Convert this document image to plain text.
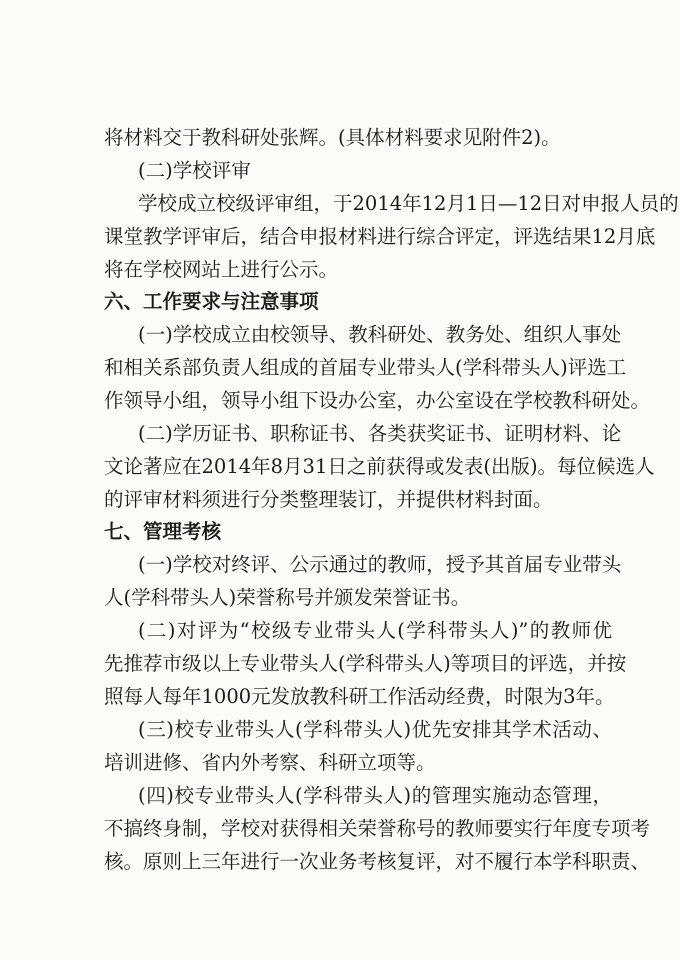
将材料交于教科研处张辉。(具体材料要求见附件2)。
(二)学校评审
学校成立校级评审组，于2014年12月1日—12日对申报人员的
课堂教学评审后，结合申报材料进行综合评定，评选结果12月底
将在学校网站上进行公示。
六、工作要求与注意事项
(一)学校成立由校领导、教科研处、教务处、组织人事处
和相关系部负责人组成的首届专业带头人(学科带头人)评选工
作领导小组，领导小组下设办公室，办公室设在学校教科研处。
(二)学历证书、职称证书、各类获奖证书、证明材料、论
文论著应在2014年8月31日之前获得或发表(出版)。每位候选人
的评审材料须进行分类整理装订，并提供材料封面。
七、管理考核
(一)学校对终评、公示通过的教师，授予其首届专业带头
人(学科带头人)荣誉称号并颁发荣誉证书。
(二)对评为“校级专业带头人(学科带头人)”的教师优
先推荐市级以上专业带头人(学科带头人)等项目的评选，并按
照每人每年1000元发放教科研工作活动经费，时限为3年。
(三)校专业带头人(学科带头人)优先安排其学术活动、
培训进修、省内外考察、科研立项等。
(四)校专业带头人(学科带头人)的管理实施动态管理，
不搞终身制，学校对获得相关荣誉称号的教师要实行年度专项考
核。原则上三年进行一次业务考核复评，对不履行本学科职责、
